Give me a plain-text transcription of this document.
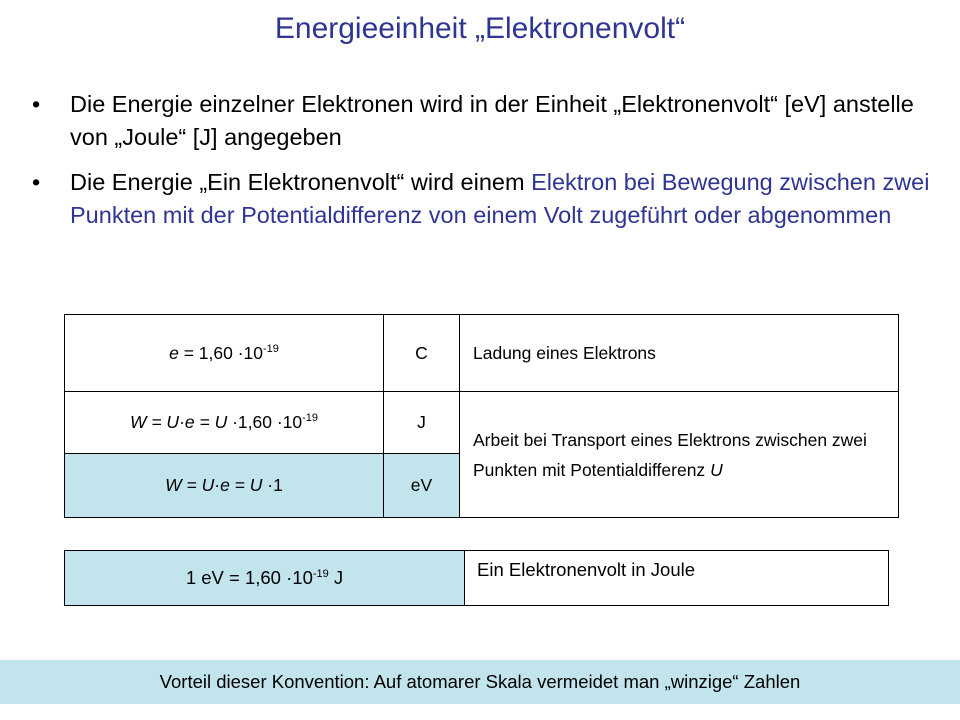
Energieeinheit „Elektronenvolt“
• Die Energie einzelner Elektronen wird in der Einheit „Elektronenvolt“ [eV] anstelle von „Joule“ [J] angegeben
• Die Energie „Ein Elektronenvolt“ wird einem Elektron bei Bewegung zwischen zwei Punkten mit der Potentialdifferenz von einem Volt zugeführt oder abgenommen
$e = 1,60 \cdot 10^{-19}$	C	Ladung eines Elektrons
$W = U\cdot e = U \cdot 1,60 \cdot 10^{-19}$	J	Arbeit bei Transport eines Elektrons zwischen zwei Punkten mit Potentialdifferenz U
W = U·e = U ·1	eV	
1 eV = $1,60 \cdot 10^{-19}$ J	Ein Elektronenvolt in Joule
Vorteil dieser Konvention: Auf atomarer Skala vermeidet man „winzige“ Zahlen
